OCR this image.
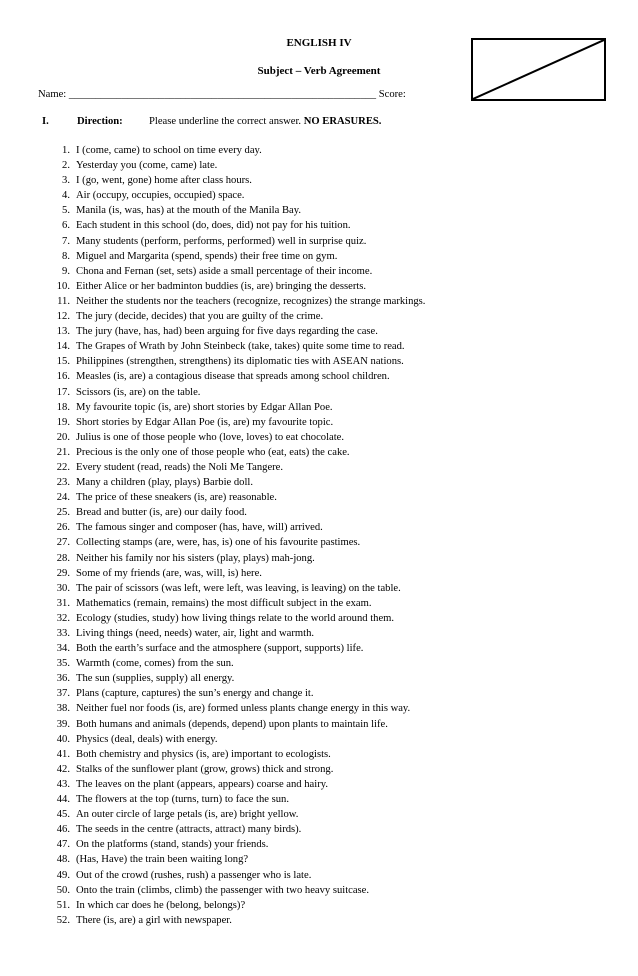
ENGLISH IV
Subject – Verb Agreement
Name: __________________________________________________________ Score:
I.	Direction: Please underline the correct answer. NO ERASURES.
1. I (come, came) to school on time every day.
2. Yesterday you (come, came) late.
3. I (go, went, gone) home after class hours.
4. Air (occupy, occupies, occupied) space.
5. Manila (is, was, has) at the mouth of the Manila Bay.
6. Each student in this school (do, does, did) not pay for his tuition.
7. Many students (perform, performs, performed) well in surprise quiz.
8. Miguel and Margarita (spend, spends) their free time on gym.
9. Chona and Fernan (set, sets) aside a small percentage of their income.
10. Either Alice or her badminton buddies (is, are) bringing the desserts.
11. Neither the students nor the teachers (recognize, recognizes) the strange markings.
12. The jury (decide, decides) that you are guilty of the crime.
13. The jury (have, has, had) been arguing for five days regarding the case.
14. The Grapes of Wrath by John Steinbeck (take, takes) quite some time to read.
15. Philippines (strengthen, strengthens) its diplomatic ties with ASEAN nations.
16. Measles (is, are) a contagious disease that spreads among school children.
17. Scissors (is, are) on the table.
18. My favourite topic (is, are) short stories by Edgar Allan Poe.
19. Short stories by Edgar Allan Poe (is, are) my favourite topic.
20. Julius is one of those people who (love, loves) to eat chocolate.
21. Precious is the only one of those people who (eat, eats) the cake.
22. Every student (read, reads) the Noli Me Tangere.
23. Many a children (play, plays) Barbie doll.
24. The price of these sneakers (is, are) reasonable.
25. Bread and butter (is, are) our daily food.
26. The famous singer and composer (has, have, will) arrived.
27. Collecting stamps (are, were, has, is) one of his favourite pastimes.
28. Neither his family nor his sisters (play, plays) mah-jong.
29. Some of my friends (are, was, will, is) here.
30. The pair of scissors (was left, were left, was leaving, is leaving) on the table.
31. Mathematics (remain, remains) the most difficult subject in the exam.
32. Ecology (studies, study) how living things relate to the world around them.
33. Living things (need, needs) water, air, light and warmth.
34. Both the earth’s surface and the atmosphere (support, supports) life.
35. Warmth (come, comes) from the sun.
36. The sun (supplies, supply) all energy.
37. Plans (capture, captures) the sun’s energy and change it.
38. Neither fuel nor foods (is, are) formed unless plants change energy in this way.
39. Both humans and animals (depends, depend) upon plants to maintain life.
40. Physics (deal, deals) with energy.
41. Both chemistry and physics (is, are) important to ecologists.
42. Stalks of the sunflower plant (grow, grows) thick and strong.
43. The leaves on the plant (appears, appears) coarse and hairy.
44. The flowers at the top (turns, turn) to face the sun.
45. An outer circle of large petals (is, are) bright yellow.
46. The seeds in the centre (attracts, attract) many birds).
47. On the platforms (stand, stands) your friends.
48. (Has, Have) the train been waiting long?
49. Out of the crowd (rushes, rush) a passenger who is late.
50. Onto the train (climbs, climb) the passenger with two heavy suitcase.
51. In which car does he (belong, belongs)?
52. There (is, are) a girl with newspaper.
